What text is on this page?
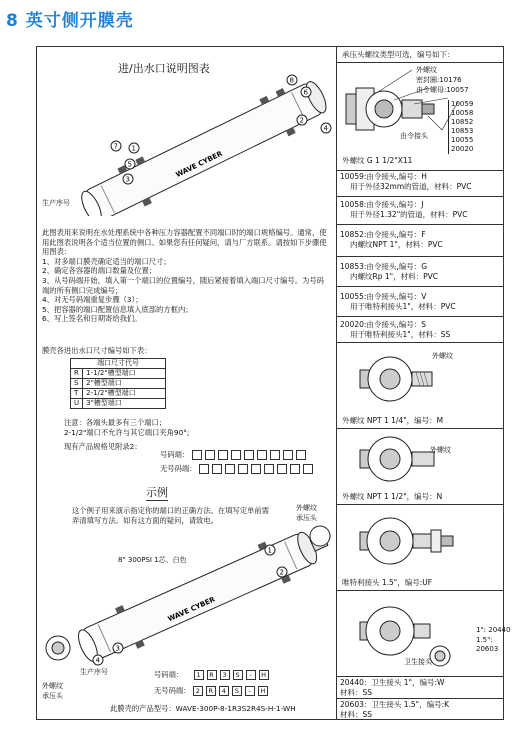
8 英寸侧开膜壳
进/出水口说明图表
WAVE CYBER
8
6
2
4
7 1
5
3
生产序号
此图表用来说明在水处理系统中各种压力容器配置不同端口时的端口规格编号。通常，使用此图表说明各个适当位置的侧口。如果您有任何疑问，请与厂方联系。请按如下步骤使用图表：
1、对多端口膜壳确定适当的端口尺寸；
2、确定各容器的端口数量及位置；
3、从号码端开始，填入第一个端口的位置编号，随后紧接着填入端口尺寸编号。为号码端的所有侧口完成编号；
4、对无号码端重复步骤（3）；
5、把容器的端口配置信息填入底部的方框内；
6、写上签名和日期寄给我们。
膜壳各进出水口尺寸编号如下表：
端口尺寸代号	
R	1-1/2"槽型端口
S	2"槽型端口
T	2-1/2"槽型端口
U	3"槽型端口
注意：各端头最多有三个端口；
2-1/2"端口不允许与其它端口夹角90°;
现有产品规格见附录2：
号码端：
无号码端：
示例
这个例子用来演示指定你的端口的正确方法。在填写定单前需弄清填写方法。如有这方面的疑问，请致电。
外螺纹
承压头
8" 300PSI 1芯、白色
WAVE CYBER
1
2
3
4
外螺纹
承压头
生产序号	号码端：	1	R	3	S	-	H
无号码端： 2	R	4	S	-	H
此膜壳的产品型号：WAVE-300P-8-1R3S2R4S-H-1-WH
承压头螺纹类型可选，编号如下：
外螺纹
密封圈:10176
由令螺母:10057
由令接头
10059
10058
10852
10853
10055
20020
外螺纹 G 1 1/2"X11
10059:由令接头,编号：H
用于外径32mm的管道，材料：PVC
10058:由令接头,编号：J
用于外径1.32"的管道，材料：PVC
10852:由令接头,编号：F
内螺纹NPT 1"，材料：PVC
10853:由令接头,编号：G
内螺纹Rp 1"，材料：PVC
10055:由令接头,编号：V
用于唯特利接头1"，材料：PVC
20020:由令接头,编号：S
用于唯特利接头1"，材料：SS
外螺纹
外螺纹 NPT 1 1/4"，编号：M
外螺纹
外螺纹 NPT 1 1/2"，编号：N
唯特利接头 1.5"，编号:UF
1": 20440
1.5": 20603
卫生接头
20440：卫生接头 1"，编号:W
材料：SS
20603：卫生接头 1.5"，编号:K
材料：SS
